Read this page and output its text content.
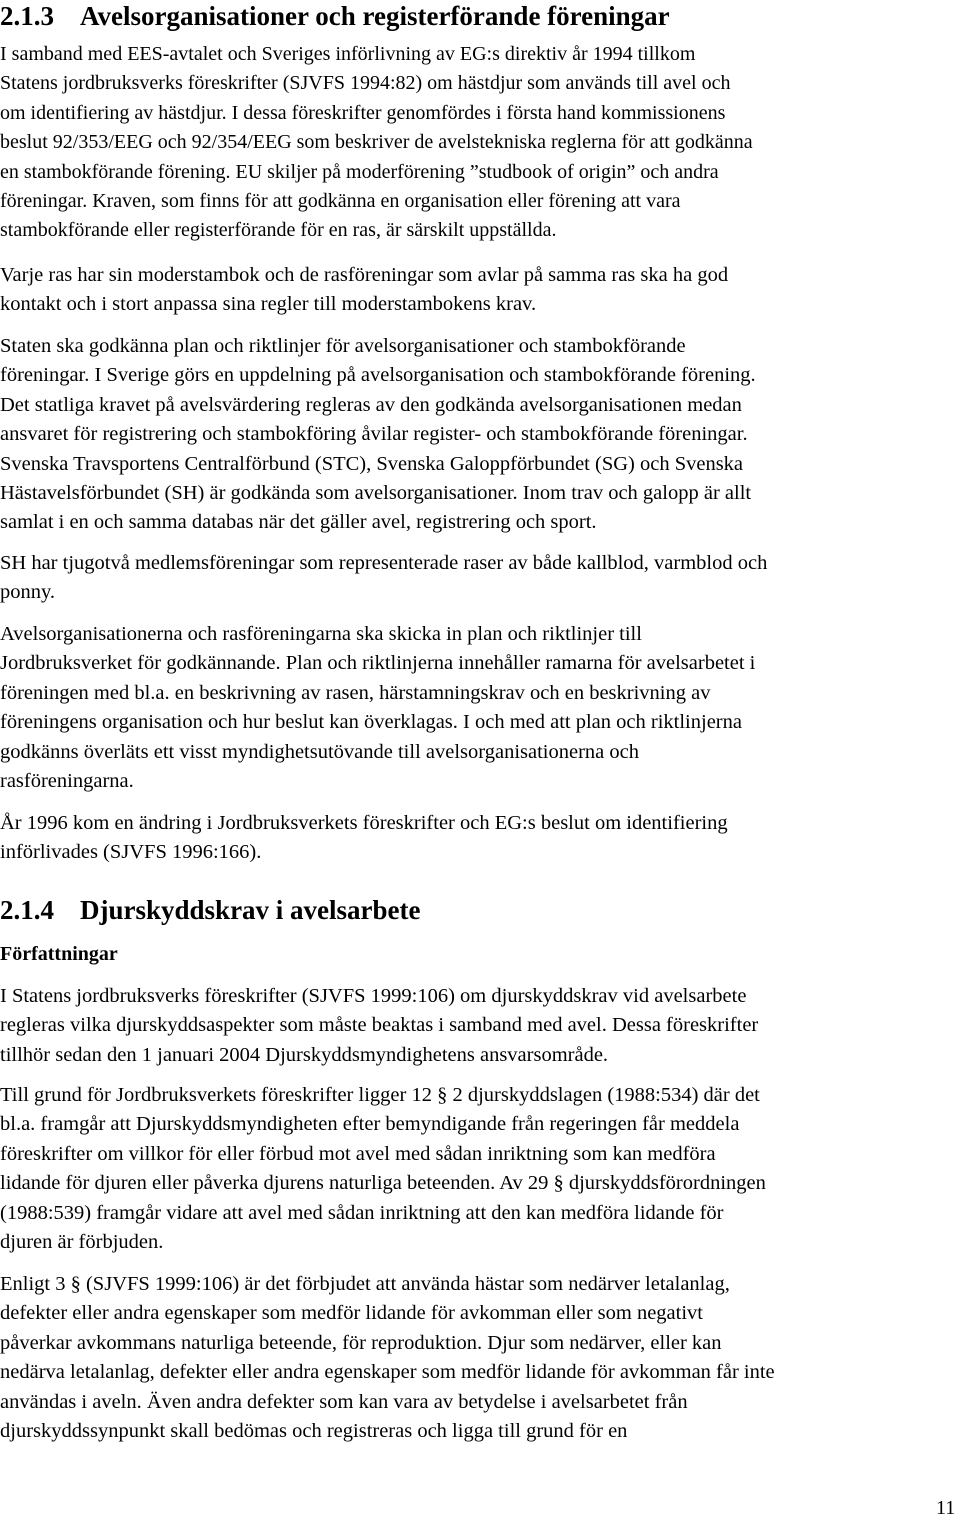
2.1.3 Avelsorganisationer och registerförande föreningar
I samband med EES-avtalet och Sveriges införlivning av EG:s direktiv år 1994 tillkom
Statens jordbruksverks föreskrifter (SJVFS 1994:82) om hästdjur som används till avel och
om identifiering av hästdjur. I dessa föreskrifter genomfördes i första hand kommissionens
beslut 92/353/EEG och 92/354/EEG som beskriver de avelstekniska reglerna för att godkänna
en stambokförande förening. EU skiljer på moderförening ”studbook of origin” och andra
föreningar. Kraven, som finns för att godkänna en organisation eller förening att vara
stambokförande eller registerförande för en ras, är särskilt uppställda.
Varje ras har sin moderstambok och de rasföreningar som avlar på samma ras ska ha god
kontakt och i stort anpassa sina regler till moderstambokens krav.
Staten ska godkänna plan och riktlinjer för avelsorganisationer och stambokförande
föreningar. I Sverige görs en uppdelning på avelsorganisation och stambokförande förening.
Det statliga kravet på avelsvärdering regleras av den godkända avelsorganisationen medan
ansvaret för registrering och stambokföring åvilar register- och stambokförande föreningar.
Svenska Travsportens Centralförbund (STC), Svenska Galoppförbundet (SG) och Svenska
Hästavelsförbundet (SH) är godkända som avelsorganisationer. Inom trav och galopp är allt
samlat i en och samma databas när det gäller avel, registrering och sport.
SH har tjugotvå medlemsföreningar som representerade raser av både kallblod, varmblod och
ponny.
Avelsorganisationerna och rasföreningarna ska skicka in plan och riktlinjer till
Jordbruksverket för godkännande. Plan och riktlinjerna innehåller ramarna för avelsarbetet i
föreningen med bl.a. en beskrivning av rasen, härstamningskrav och en beskrivning av
föreningens organisation och hur beslut kan överklagas. I och med att plan och riktlinjerna
godkänns överläts ett visst myndighetsutövande till avelsorganisationerna och
rasföreningarna.
År 1996 kom en ändring i Jordbruksverkets föreskrifter och EG:s beslut om identifiering
införlivades (SJVFS 1996:166).
2.1.4 Djurskyddskrav i avelsarbete
Författningar
I Statens jordbruksverks föreskrifter (SJVFS 1999:106) om djurskyddskrav vid avelsarbete
regleras vilka djurskyddsaspekter som måste beaktas i samband med avel. Dessa föreskrifter
tillhör sedan den 1 januari 2004 Djurskyddsmyndighetens ansvarsområde.
Till grund för Jordbruksverkets föreskrifter ligger 12 § 2 djurskyddslagen (1988:534) där det
bl.a. framgår att Djurskyddsmyndigheten efter bemyndigande från regeringen får meddela
föreskrifter om villkor för eller förbud mot avel med sådan inriktning som kan medföra
lidande för djuren eller påverka djurens naturliga beteenden. Av 29 § djurskyddsförordningen
(1988:539) framgår vidare att avel med sådan inriktning att den kan medföra lidande för
djuren är förbjuden.
Enligt 3 § (SJVFS 1999:106) är det förbjudet att använda hästar som nedärver letalanlag,
defekter eller andra egenskaper som medför lidande för avkomman eller som negativt
påverkar avkommans naturliga beteende, för reproduktion. Djur som nedärver, eller kan
nedärva letalanlag, defekter eller andra egenskaper som medför lidande för avkomman får inte
användas i aveln. Även andra defekter som kan vara av betydelse i avelsarbetet från
djurskyddssynpunkt skall bedömas och registreras och ligga till grund för en
11
